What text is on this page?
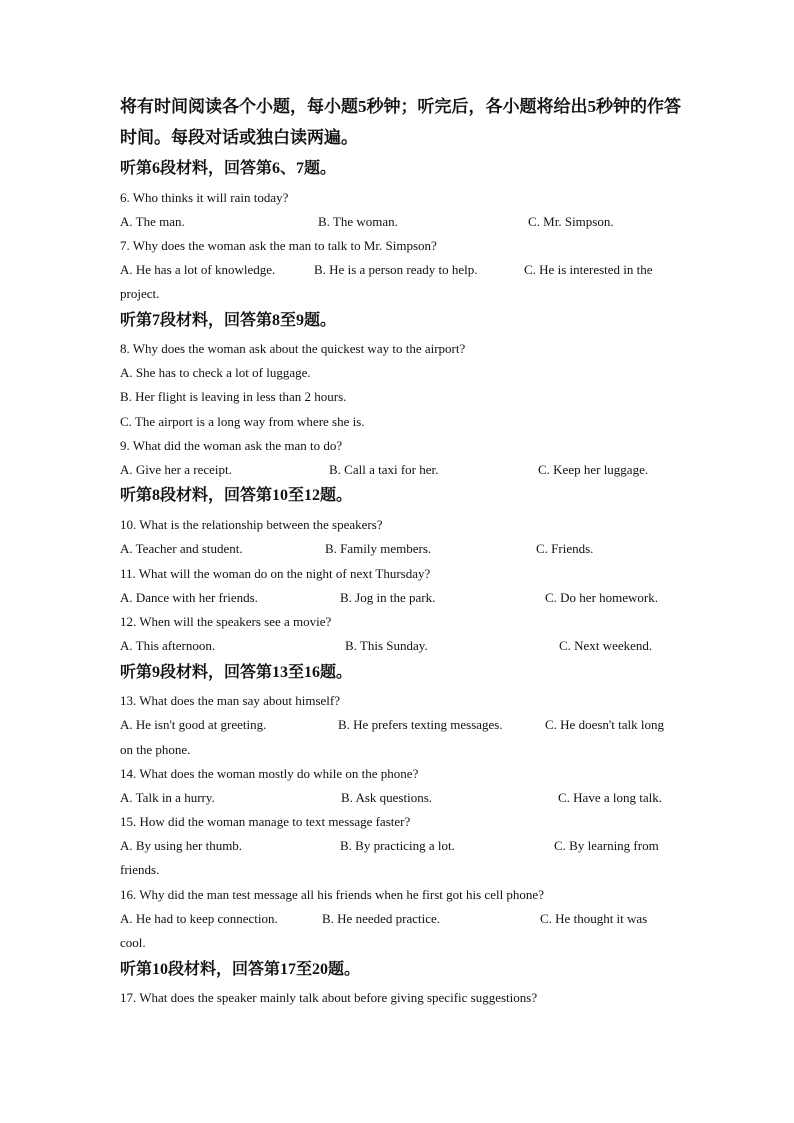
将有时间阅读各个小题，每小题5秒钟；听完后，各小题将给出5秒钟的作答
时间。每段对话或独白读两遍。
听第6段材料，回答第6、7题。
6. Who thinks it will rain today?
A. The man.	B. The woman.	C. Mr. Simpson.
7. Why does the woman ask the man to talk to Mr. Simpson?
A. He has a lot of knowledge.	B. He is a person ready to help.	C. He is interested in the
project.
听第7段材料，回答第8至9题。
8. Why does the woman ask about the quickest way to the airport?
A. She has to check a lot of luggage.
B. Her flight is leaving in less than 2 hours.
C. The airport is a long way from where she is.
9. What did the woman ask the man to do?
A. Give her a receipt.	B. Call a taxi for her.	C. Keep her luggage.
听第8段材料，回答第10至12题。
10. What is the relationship between the speakers?
A. Teacher and student.	B. Family members.	C. Friends.
11. What will the woman do on the night of next Thursday?
A. Dance with her friends.	B. Jog in the park.	C. Do her homework.
12. When will the speakers see a movie?
A. This afternoon.	B. This Sunday.	C. Next weekend.
听第9段材料，回答第13至16题。
13. What does the man say about himself?
A. He isn't good at greeting.	B. He prefers texting messages.	C. He doesn't talk long
on the phone.
14. What does the woman mostly do while on the phone?
A. Talk in a hurry.	B. Ask questions.	C. Have a long talk.
15. How did the woman manage to text message faster?
A. By using her thumb.	B. By practicing a lot.	C. By learning from
friends.
16. Why did the man test message all his friends when he first got his cell phone?
A. He had to keep connection.	B. He needed practice.	C. He thought it was
cool.
听第10段材料，回答第17至20题。
17. What does the speaker mainly talk about before giving specific suggestions?
